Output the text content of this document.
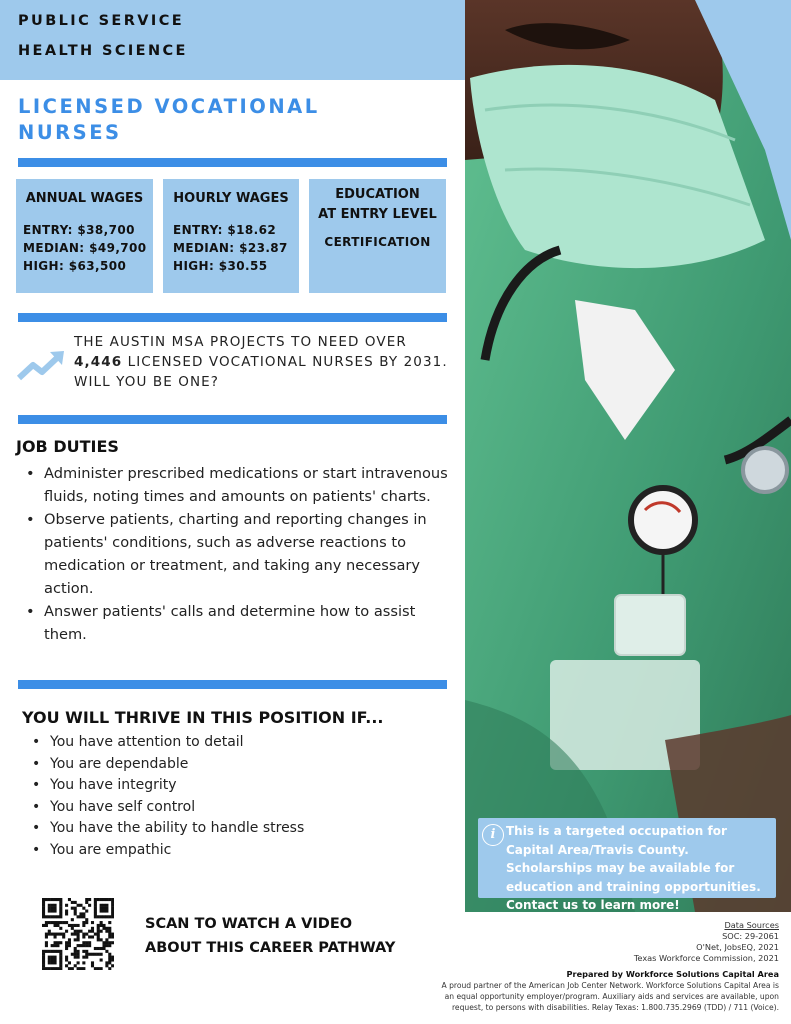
PUBLIC SERVICE
HEALTH SCIENCE
LICENSED VOCATIONAL
NURSES
ANNUAL WAGES
ENTRY: $38,700
MEDIAN: $49,700
HIGH: $63,500
HOURLY WAGES
ENTRY: $18.62
MEDIAN: $23.87
HIGH: $30.55
EDUCATION
AT ENTRY LEVEL
CERTIFICATION
THE AUSTIN MSA PROJECTS TO NEED OVER 4,446 LICENSED VOCATIONAL NURSES BY 2031. WILL YOU BE ONE?
JOB DUTIES
• Administer prescribed medications or start intravenous fluids, noting times and amounts on patients' charts.
• Observe patients, charting and reporting changes in patients' conditions, such as adverse reactions to medication or treatment, and taking any necessary action.
• Answer patients' calls and determine how to assist them.
YOU WILL THRIVE IN THIS POSITION IF...
• You have attention to detail
• You are dependable
• You have integrity
• You have self control
• You have the ability to handle stress
• You are empathic
SCAN TO WATCH A VIDEO
ABOUT THIS CAREER PATHWAY
i This is a targeted occupation for Capital Area/Travis County. Scholarships may be available for education and training opportunities. Contact us to learn more!
Data Sources
SOC: 29-2061
O'Net, JobsEQ, 2021
Texas Workforce Commission, 2021
Prepared by Workforce Solutions Capital Area
A proud partner of the American Job Center Network. Workforce Solutions Capital Area is
an equal opportunity employer/program. Auxiliary aids and services are available, upon
request, to persons with disabilities. Relay Texas: 1.800.735.2969 (TDD) / 711 (Voice).
